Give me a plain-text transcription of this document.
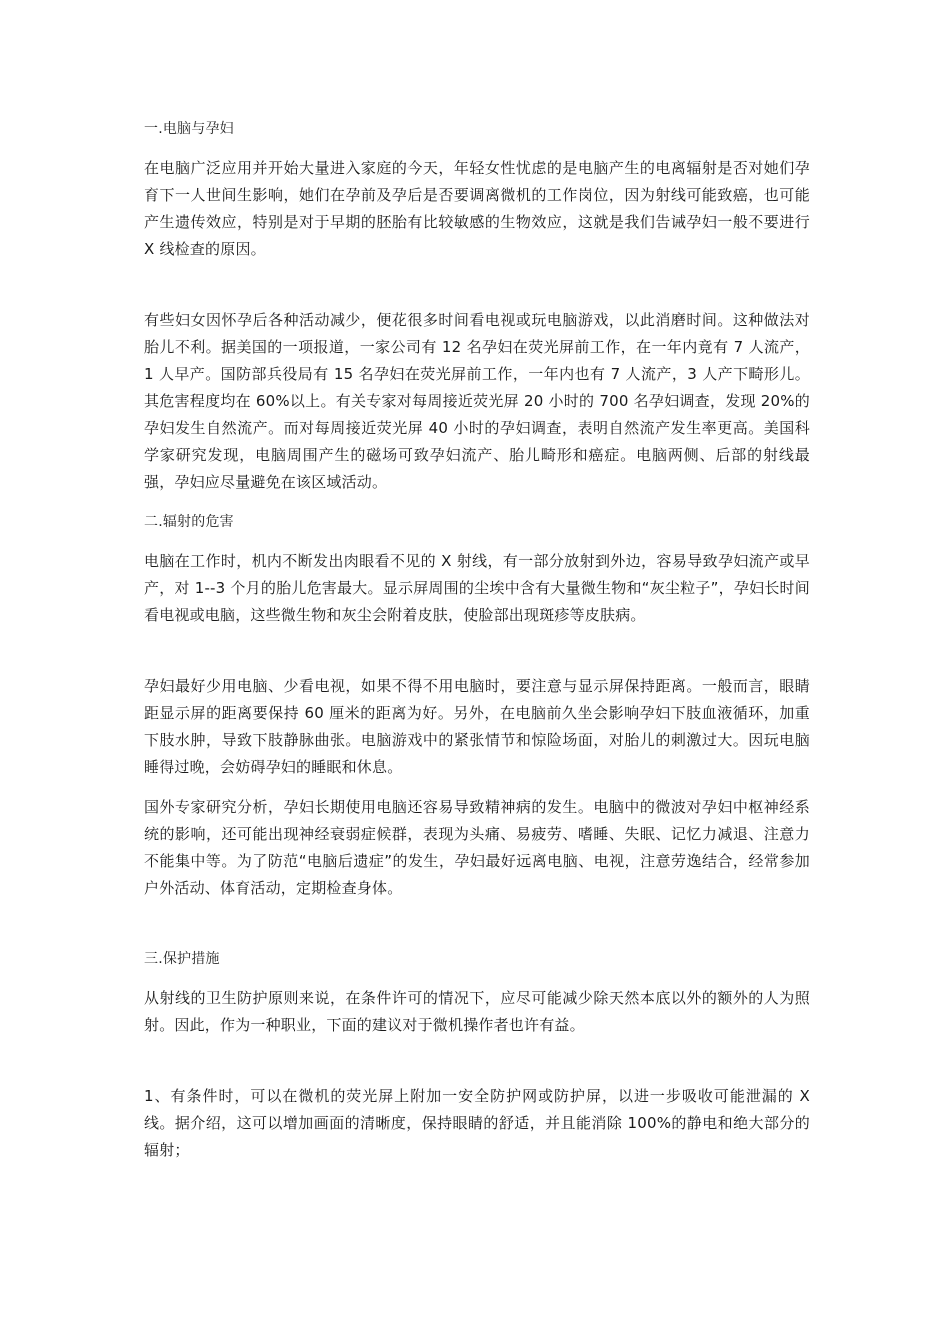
一.电脑与孕妇

在电脑广泛应用并开始大量进入家庭的今天，年轻女性忧虑的是电脑产生的电离辐射是否对她们孕育下一人世间生影响，她们在孕前及孕后是否要调离微机的工作岗位，因为射线可能致癌，也可能产生遗传效应，特别是对于早期的胚胎有比较敏感的生物效应，这就是我们告诫孕妇一般不要进行 X 线检查的原因。

有些妇女因怀孕后各种活动减少，便花很多时间看电视或玩电脑游戏，以此消磨时间。这种做法对胎儿不利。据美国的一项报道，一家公司有 12 名孕妇在荧光屏前工作，在一年内竟有 7 人流产，1 人早产。国防部兵役局有 15 名孕妇在荧光屏前工作，一年内也有 7 人流产，3 人产下畸形儿。其危害程度均在 60%以上。有关专家对每周接近荧光屏 20 小时的 700 名孕妇调查，发现 20%的孕妇发生自然流产。而对每周接近荧光屏 40 小时的孕妇调查，表明自然流产发生率更高。美国科学家研究发现，电脑周围产生的磁场可致孕妇流产、胎儿畸形和癌症。电脑两侧、后部的射线最强，孕妇应尽量避免在该区域活动。

二.辐射的危害

电脑在工作时，机内不断发出肉眼看不见的 X 射线，有一部分放射到外边，容易导致孕妇流产或早产，对 1--3 个月的胎儿危害最大。显示屏周围的尘埃中含有大量微生物和“灰尘粒子”，孕妇长时间看电视或电脑，这些微生物和灰尘会附着皮肤，使脸部出现斑疹等皮肤病。

孕妇最好少用电脑、少看电视，如果不得不用电脑时，要注意与显示屏保持距离。一般而言，眼睛距显示屏的距离要保持 60 厘米的距离为好。另外，在电脑前久坐会影响孕妇下肢血液循环，加重下肢水肿，导致下肢静脉曲张。电脑游戏中的紧张情节和惊险场面，对胎儿的刺激过大。因玩电脑睡得过晚，会妨碍孕妇的睡眠和休息。

国外专家研究分析，孕妇长期使用电脑还容易导致精神病的发生。电脑中的微波对孕妇中枢神经系统的影响，还可能出现神经衰弱症候群，表现为头痛、易疲劳、嗜睡、失眠、记忆力减退、注意力不能集中等。为了防范“电脑后遗症”的发生，孕妇最好远离电脑、电视，注意劳逸结合，经常参加户外活动、体育活动，定期检查身体。

三.保护措施

从射线的卫生防护原则来说，在条件许可的情况下，应尽可能减少除天然本底以外的额外的人为照射。因此，作为一种职业，下面的建议对于微机操作者也许有益。

1、有条件时，可以在微机的荧光屏上附加一安全防护网或防护屏，以进一步吸收可能泄漏的 X 线。据介绍，这可以增加画面的清晰度，保持眼睛的舒适，并且能消除 100%的静电和绝大部分的辐射；
